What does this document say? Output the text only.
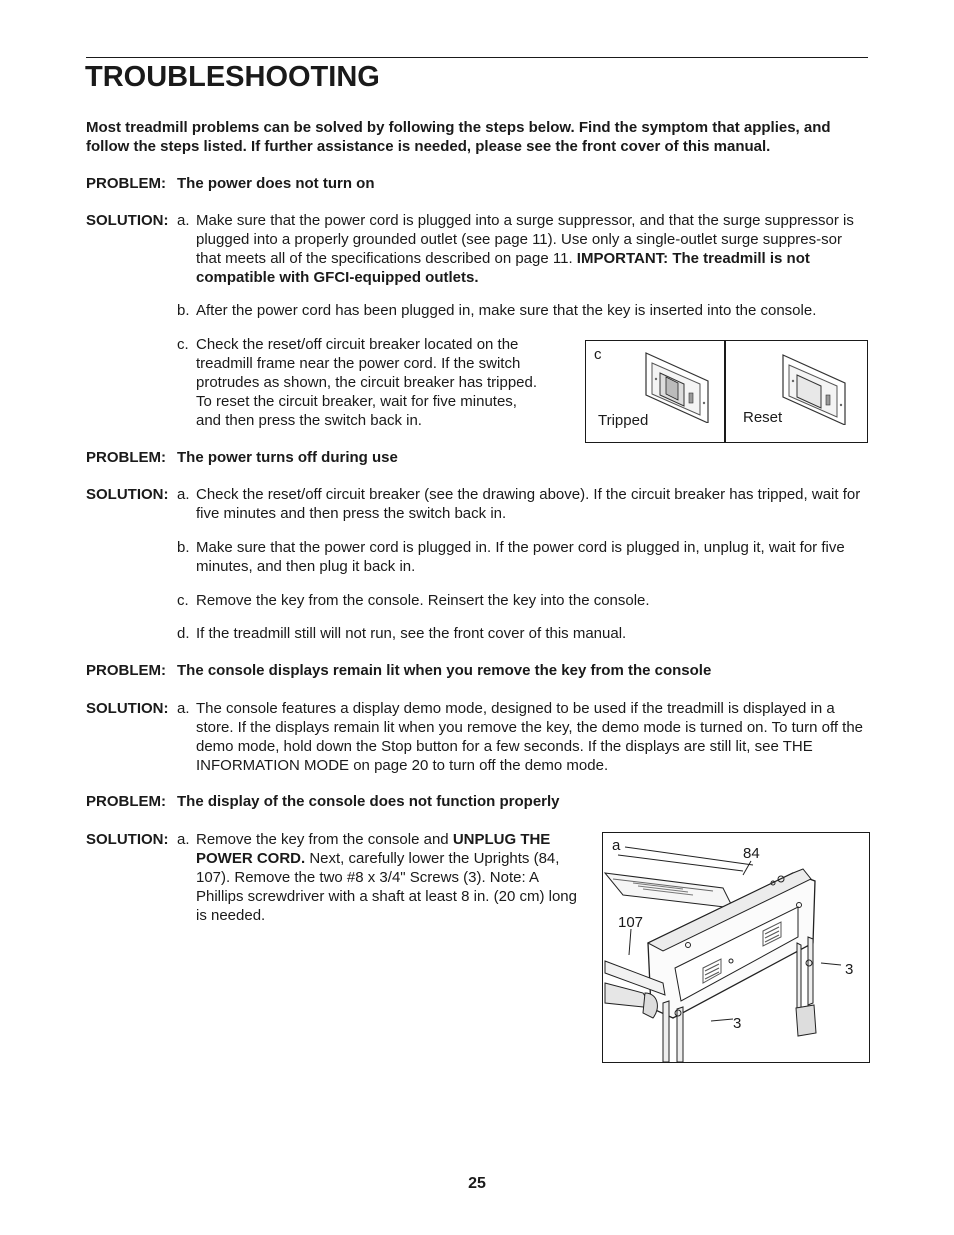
TROUBLESHOOTING
Most treadmill problems can be solved by following the steps below. Find the symptom that applies, and follow the steps listed. If further assistance is needed, please see the front cover of this manual.
PROBLEM: The power does not turn on
SOLUTION: a. Make sure that the power cord is plugged into a surge suppressor, and that the surge suppressor is plugged into a properly grounded outlet (see page 11). Use only a single-outlet surge suppres-sor that meets all of the specifications described on page 11. IMPORTANT: The treadmill is not compatible with GFCI-equipped outlets.
b. After the power cord has been plugged in, make sure that the key is inserted into the console.
c. Check the reset/off circuit breaker located on the treadmill frame near the power cord. If the switch protrudes as shown, the circuit breaker has tripped. To reset the circuit breaker, wait for five minutes, and then press the switch back in.
c
Tripped	Reset
PROBLEM: The power turns off during use
SOLUTION: a. Check the reset/off circuit breaker (see the drawing above). If the circuit breaker has tripped, wait for five minutes and then press the switch back in.
b. Make sure that the power cord is plugged in. If the power cord is plugged in, unplug it, wait for five minutes, and then plug it back in.
c. Remove the key from the console. Reinsert the key into the console.
d. If the treadmill still will not run, see the front cover of this manual.
PROBLEM: The console displays remain lit when you remove the key from the console
SOLUTION: a. The console features a display demo mode, designed to be used if the treadmill is displayed in a store. If the displays remain lit when you remove the key, the demo mode is turned on. To turn off the demo mode, hold down the Stop button for a few seconds. If the displays are still lit, see THE INFORMATION MODE on page 20 to turn off the demo mode.
PROBLEM: The display of the console does not function properly
SOLUTION: a. Remove the key from the console and UNPLUG THE POWER CORD. Next, carefully lower the Uprights (84, 107). Remove the two #8 x 3/4" Screws (3). Note: A Phillips screwdriver with a shaft at least 8 in. (20 cm) long is needed.
a	84
107
3
3
25
